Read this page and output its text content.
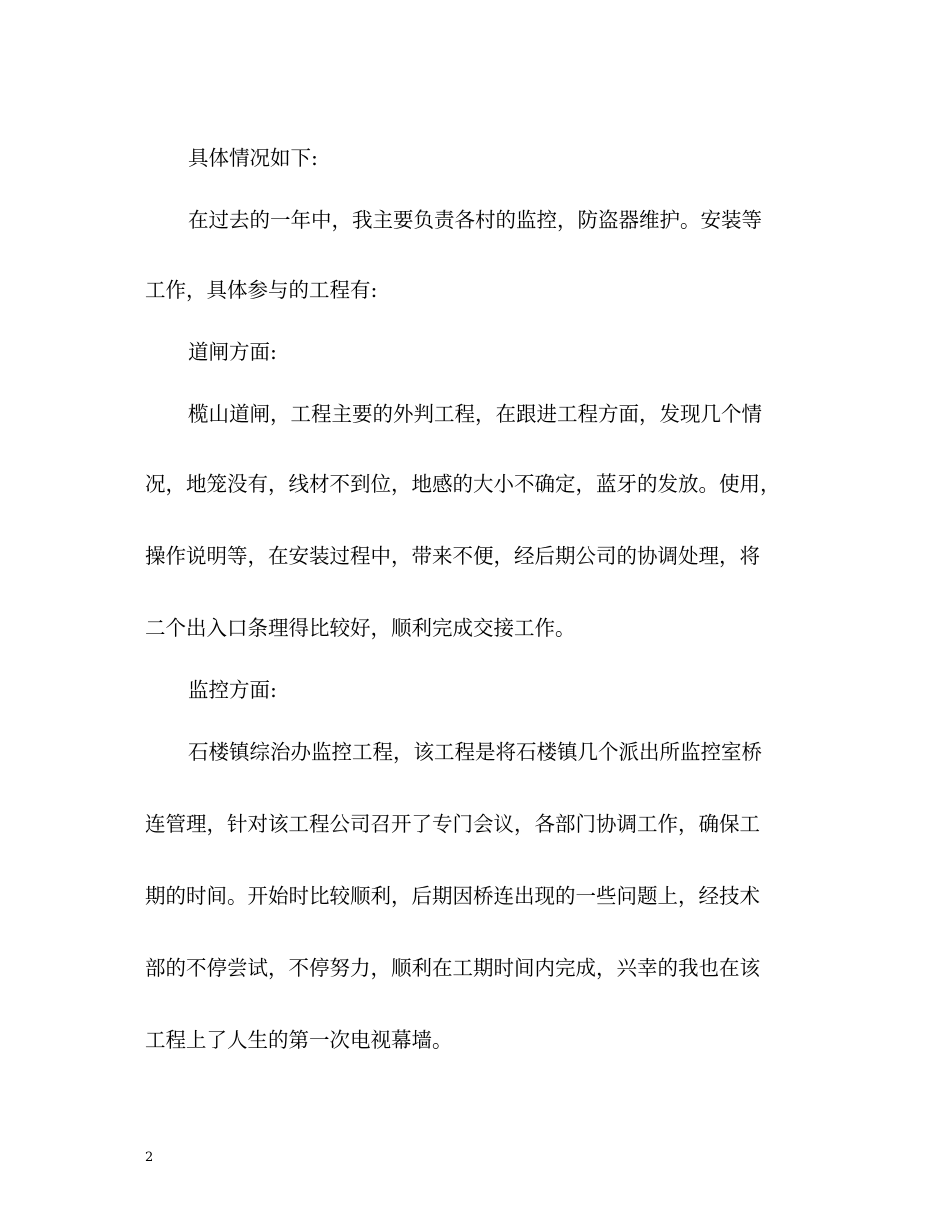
具体情况如下:
在过去的一年中，我主要负责各村的监控，防盗器维护。安装等
工作，具体参与的工程有:
道闸方面:
榄山道闸，工程主要的外判工程，在跟进工程方面，发现几个情
况，地笼没有，线材不到位，地感的大小不确定，蓝牙的发放。使用，
操作说明等，在安装过程中，带来不便，经后期公司的协调处理，将
二个出入口条理得比较好，顺利完成交接工作。
监控方面:
石楼镇综治办监控工程，该工程是将石楼镇几个派出所监控室桥
连管理，针对该工程公司召开了专门会议，各部门协调工作，确保工
期的时间。开始时比较顺利，后期因桥连出现的一些问题上，经技术
部的不停尝试，不停努力，顺利在工期时间内完成，兴幸的我也在该
工程上了人生的第一次电视幕墙。
2
